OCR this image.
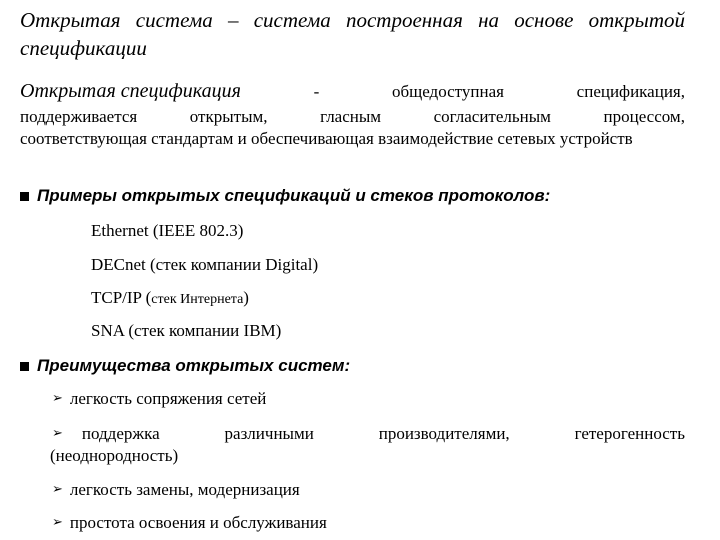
Открытая система – система построенная на основе открытой спецификации
Открытая спецификация	-	общедоступная	спецификация,
поддерживается	открытым,	гласным	согласительным	процессом,
соответствующая стандартам и обеспечивающая взаимодействие сетевых устройств
Примеры открытых спецификаций и стеков протоколов:
Ethernet (IEEE 802.3)
DECnet (стек компании Digital)
TCP/IP (стек Интернета)
SNA (стек компании IBM)
Преимущества открытых систем:
➢ легкость сопряжения сетей
➢ поддержка	различными	производителями,	гетерогенность
(неоднородность)
➢ легкость замены, модернизация
➢ простота освоения и обслуживания
